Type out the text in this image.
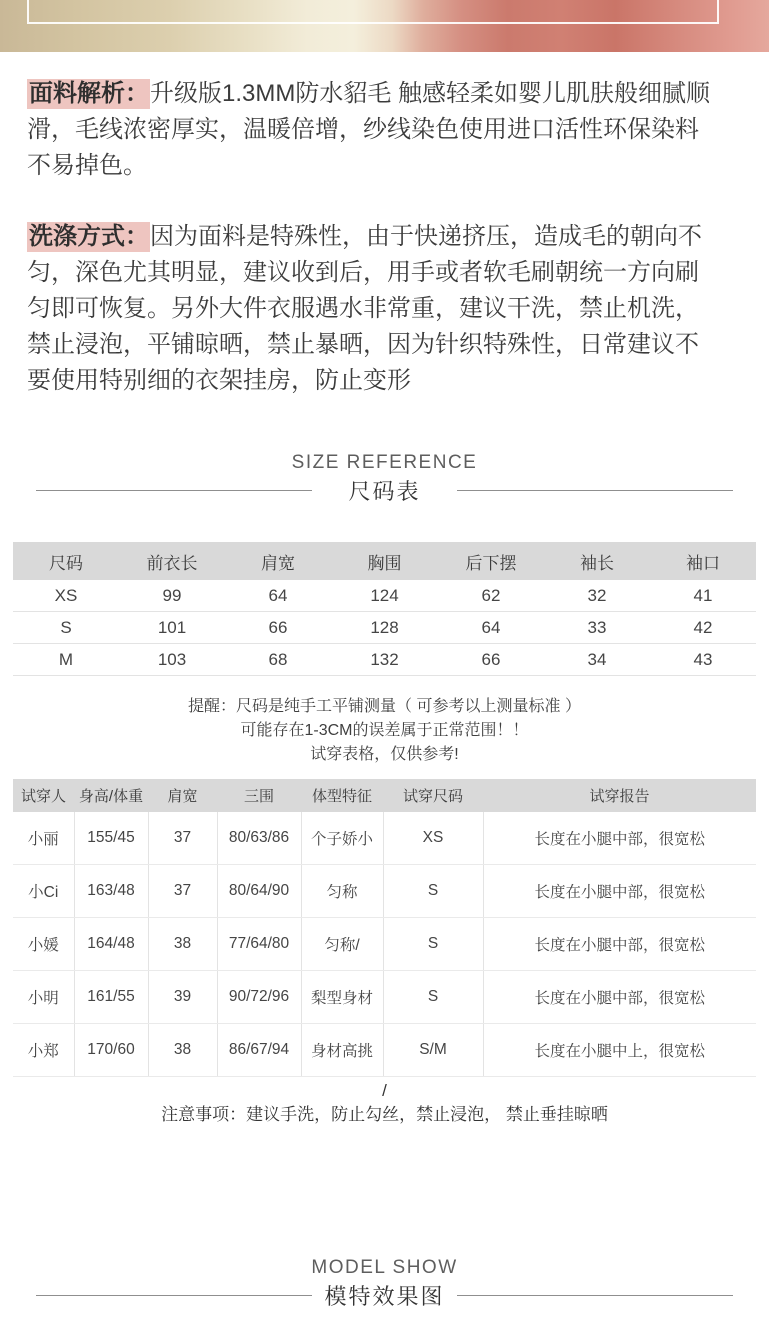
面料解析：升级版1.3MM防水貂毛 触感轻柔如婴儿肌肤般细腻顺滑，毛线浓密厚实，温暖倍增，纱线染色使用进口活性环保染料不易掉色。

洗涤方式：因为面料是特殊性，由于快递挤压，造成毛的朝向不匀，深色尤其明显，建议收到后，用手或者软毛刷朝统一方向刷匀即可恢复。另外大件衣服遇水非常重，建议干洗，禁止机洗，禁止浸泡，平铺晾晒，禁止暴晒，因为针织特殊性，日常建议不要使用特别细的衣架挂房，防止变形

SIZE REFERENCE
尺码表
尺码	前衣长	肩宽	胸围	后下摆	袖长	袖口
XS	99	64	124	62	32	41
S	101	66	128	64	33	42
M	103	68	132	66	34	43
提醒：尺码是纯手工平铺测量（ 可参考以上测量标准 ）
可能存在1-3CM的误差属于正常范围！！
试穿表格，仅供参考!
试穿人	身高/体重	肩宽	三围	体型特征	试穿尺码	试穿报告
小丽	155/45	37	80/63/86	个子娇小	XS	长度在小腿中部，很宽松
小Ci	163/48	37	80/64/90	匀称	S	长度在小腿中部，很宽松
小媛	164/48	38	77/64/80	匀称/	S	长度在小腿中部，很宽松
小明	161/55	39	90/72/96	梨型身材	S	长度在小腿中部，很宽松
小郑	170/60	38	86/67/94	身材高挑	S/M	长度在小腿中上，很宽松
/
注意事项：建议手洗，防止勾丝，禁止浸泡， 禁止垂挂晾晒
MODEL SHOW
模特效果图
